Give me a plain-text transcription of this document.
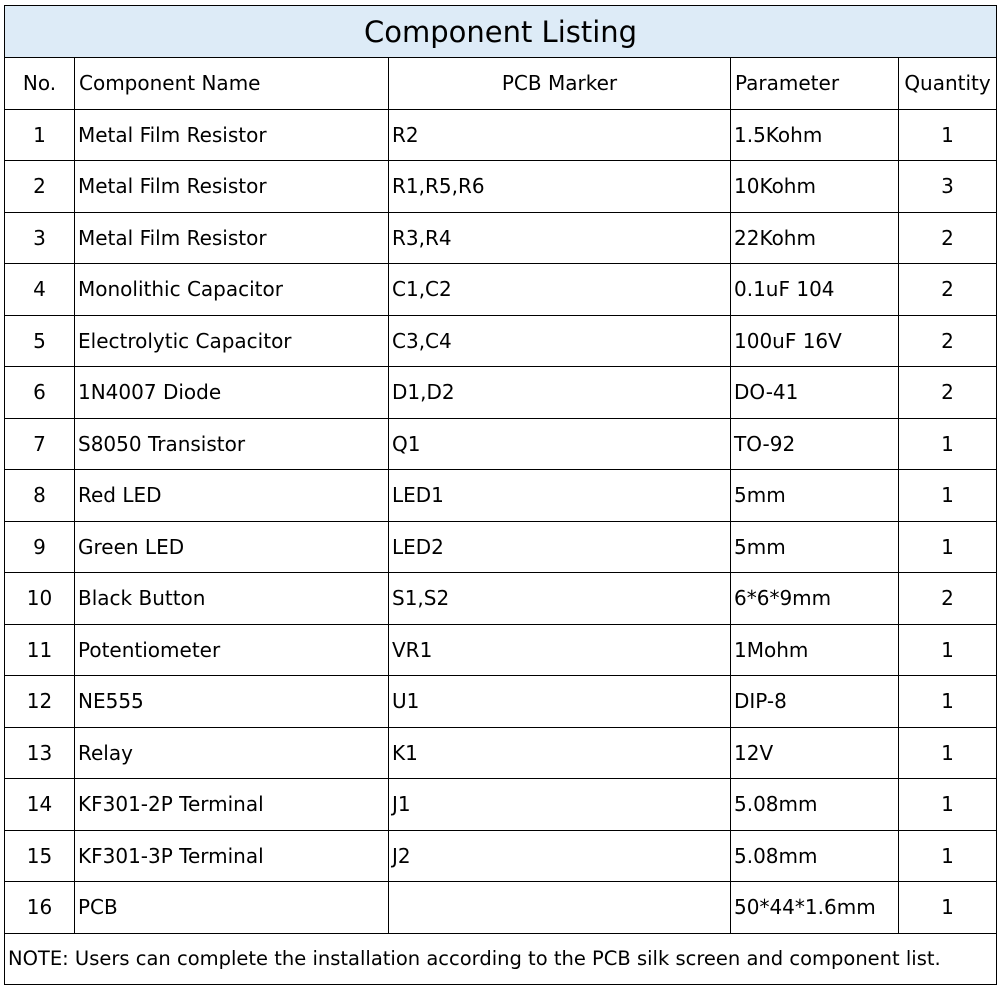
Component Listing				
No.	Component Name	PCB Marker	Parameter	Quantity
1	Metal Film Resistor	R2	1.5Kohm	1
2	Metal Film Resistor	R1,R5,R6	10Kohm	3
3	Metal Film Resistor	R3,R4	22Kohm	2
4	Monolithic Capacitor	C1,C2	0.1uF 104	2
5	Electrolytic Capacitor	C3,C4	100uF 16V	2
6	1N4007 Diode	D1,D2	DO-41	2
7	S8050 Transistor	Q1	TO-92	1
8	Red LED	LED1	5mm	1
9	Green LED	LED2	5mm	1
10	Black Button	S1,S2	6*6*9mm	2
11	Potentiometer	VR1	1Mohm	1
12	NE555	U1	DIP-8	1
13	Relay	K1	12V	1
14	KF301-2P Terminal	J1	5.08mm	1
15	KF301-3P Terminal	J2	5.08mm	1
16	PCB		50*44*1.6mm	1
NOTE: Users can complete the installation according to the PCB silk screen and component list.				
